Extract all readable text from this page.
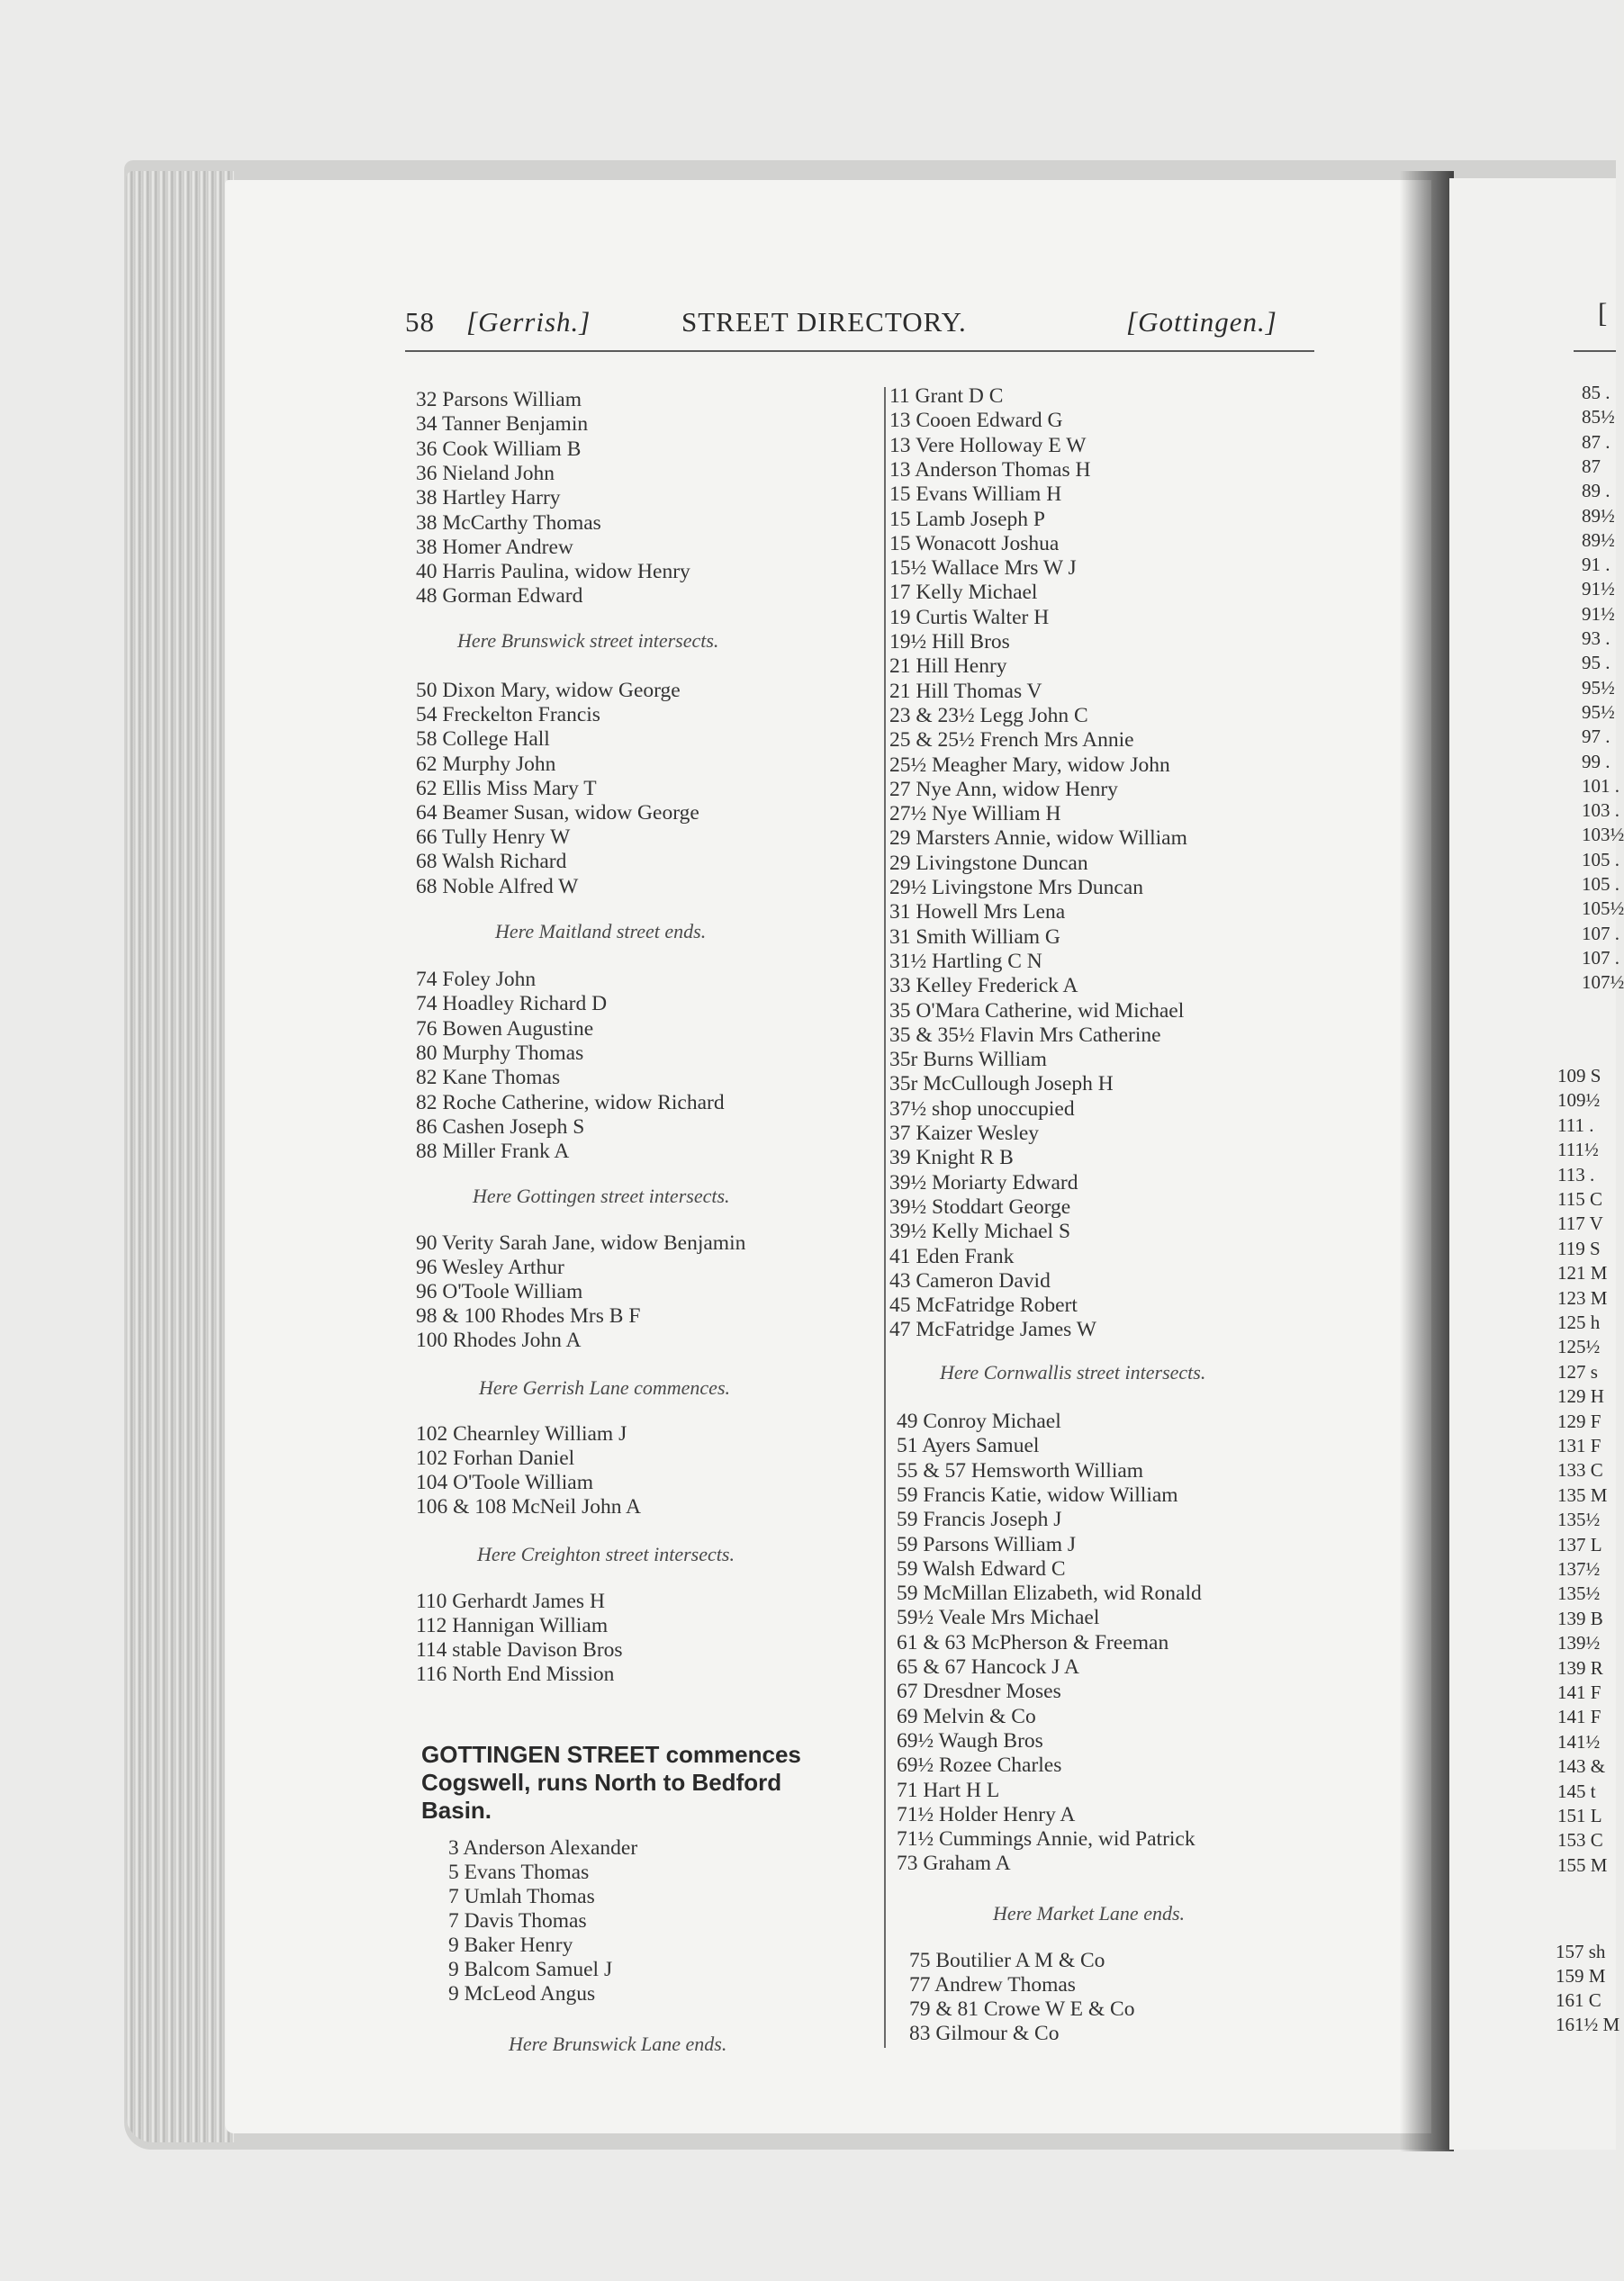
58 [Gerrish.]	STREET DIRECTORY.	[Gottingen.]
32 Parsons William
34 Tanner Benjamin
36 Cook William B
36 Nieland John
38 Hartley Harry
38 McCarthy Thomas
38 Homer Andrew
40 Harris Paulina, widow Henry
48 Gorman Edward
Here Brunswick street intersects.
50 Dixon Mary, widow George
54 Freckelton Francis
58 College Hall
62 Murphy John
62 Ellis Miss Mary T
64 Beamer Susan, widow George
66 Tully Henry W
68 Walsh Richard
68 Noble Alfred W
Here Maitland street ends.
74 Foley John
74 Hoadley Richard D
76 Bowen Augustine
80 Murphy Thomas
82 Kane Thomas
82 Roche Catherine, widow Richard
86 Cashen Joseph S
88 Miller Frank A
Here Gottingen street intersects.
90 Verity Sarah Jane, widow Benjamin
96 Wesley Arthur
96 O'Toole William
98 & 100 Rhodes Mrs B F
100 Rhodes John A
Here Gerrish Lane commences.
102 Chearnley William J
102 Forhan Daniel
104 O'Toole William
106 & 108 McNeil John A
Here Creighton street intersects.
110 Gerhardt James H
112 Hannigan William
114 stable Davison Bros
116 North End Mission
GOTTINGEN STREET commences
Cogswell, runs North to Bedford
Basin.
3 Anderson Alexander
5 Evans Thomas
7 Umlah Thomas
7 Davis Thomas
9 Baker Henry
9 Balcom Samuel J
9 McLeod Angus
Here Brunswick Lane ends.
11 Grant D C
13 Cooen Edward G
13 Vere Holloway E W
13 Anderson Thomas H
15 Evans William H
15 Lamb Joseph P
15 Wonacott Joshua
15½ Wallace Mrs W J
17 Kelly Michael
19 Curtis Walter H
19½ Hill Bros
21 Hill Henry
21 Hill Thomas V
23 & 23½ Legg John C
25 & 25½ French Mrs Annie
25½ Meagher Mary, widow John
27 Nye Ann, widow Henry
27½ Nye William H
29 Marsters Annie, widow William
29 Livingstone Duncan
29½ Livingstone Mrs Duncan
31 Howell Mrs Lena
31 Smith William G
31½ Hartling C N
33 Kelley Frederick A
35 O'Mara Catherine, wid Michael
35 & 35½ Flavin Mrs Catherine
35r Burns William
35r McCullough Joseph H
37½ shop unoccupied
37 Kaizer Wesley
39 Knight R B
39½ Moriarty Edward
39½ Stoddart George
39½ Kelly Michael S
41 Eden Frank
43 Cameron David
45 McFatridge Robert
47 McFatridge James W
Here Cornwallis street intersects.
49 Conroy Michael
51 Ayers Samuel
55 & 57 Hemsworth William
59 Francis Katie, widow William
59 Francis Joseph J
59 Parsons William J
59 Walsh Edward C
59 McMillan Elizabeth, wid Ronald
59½ Veale Mrs Michael
61 & 63 McPherson & Freeman
65 & 67 Hancock J A
67 Dresdner Moses
69 Melvin & Co
69½ Waugh Bros
69½ Rozee Charles
71 Hart H L
71½ Holder Henry A
71½ Cummings Annie, wid Patrick
73 Graham A
Here Market Lane ends.
75 Boutilier A M & Co
77 Andrew Thomas
79 & 81 Crowe W E & Co
83 Gilmour & Co
[
85 .
85½
87 .
87
89 .
89½
89½
91 .
91½
91½
93 .
95 .
95½
95½
97 .
99 .
101 .
103 .
103½
105 .
105 .
105½
107 .
107 .
107½
109 S
109½
111 .
111½
113 .
115 C
117 V
119 S
121 M
123 M
125 h
125½
127 s
129 H
129 F
131 F
133 C
135 M
135½
137 L
137½
135½
139 B
139½
139 R
141 F
141 F
141½
143 &
145 t
151 L
153 C
155 M
157 sh
159 M
161 C
161½ M
